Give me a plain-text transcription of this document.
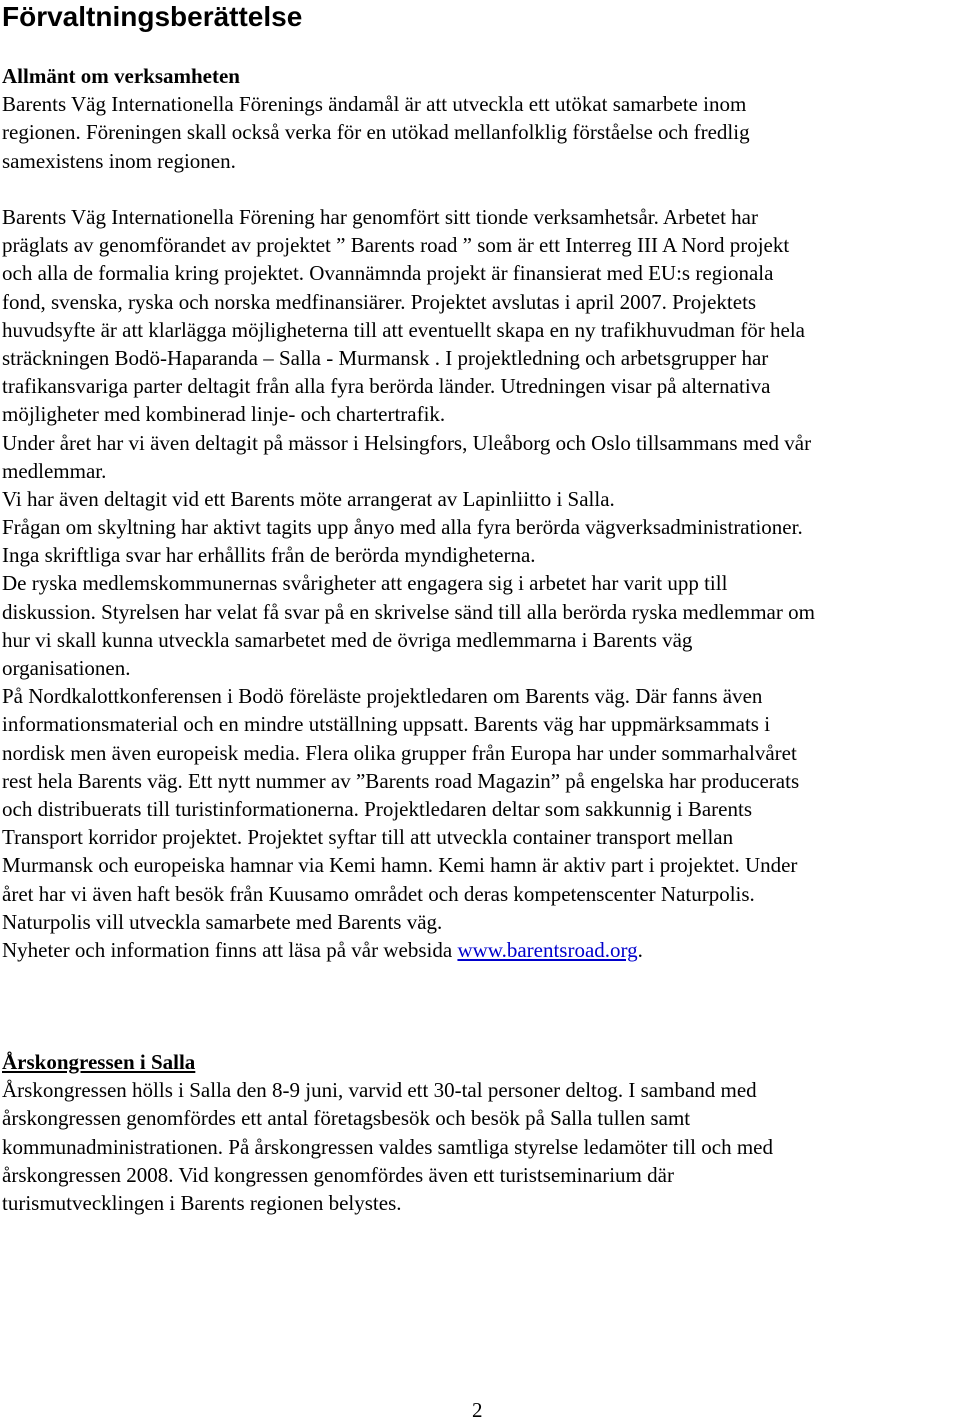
Förvaltningsberättelse
Allmänt om verksamheten
Barents Väg Internationella Förenings ändamål är att utveckla ett utökat samarbete inom
regionen. Föreningen skall också verka för en utökad mellanfolklig förståelse och fredlig
samexistens inom regionen.
Barents Väg Internationella Förening har genomfört sitt tionde verksamhetsår. Arbetet har
präglats av genomförandet av projektet ” Barents road ” som är ett Interreg III A Nord projekt
och alla de formalia kring projektet. Ovannämnda projekt är finansierat med EU:s regionala
fond, svenska, ryska och norska medfinansiärer. Projektet avslutas i april 2007. Projektets
huvudsyfte är att klarlägga möjligheterna till att eventuellt skapa en ny trafikhuvudman för hela
sträckningen Bodö-Haparanda – Salla - Murmansk . I projektledning och arbetsgrupper har
trafikansvariga parter deltagit från alla fyra berörda länder. Utredningen visar på alternativa
möjligheter med kombinerad linje- och chartertrafik.
Under året har vi även deltagit på mässor i Helsingfors, Uleåborg och Oslo tillsammans med vår
medlemmar.
Vi har även deltagit vid ett Barents möte arrangerat av Lapinliitto i Salla.
Frågan om skyltning har aktivt tagits upp ånyo med alla fyra berörda vägverksadministrationer.
Inga skriftliga svar har erhållits från de berörda myndigheterna.
De ryska medlemskommunernas svårigheter att engagera sig i arbetet har varit upp till
diskussion. Styrelsen har velat få svar på en skrivelse sänd till alla berörda ryska medlemmar om
hur vi skall kunna utveckla samarbetet med de övriga medlemmarna i Barents väg
organisationen.
På Nordkalottkonferensen i Bodö föreläste projektledaren om Barents väg. Där fanns även
informationsmaterial och en mindre utställning uppsatt. Barents väg har uppmärksammats i
nordisk men även europeisk media. Flera olika grupper från Europa har under sommarhalvåret
rest hela Barents väg. Ett nytt nummer av ”Barents road Magazin” på engelska har producerats
och distribuerats till turistinformationerna. Projektledaren deltar som sakkunnig i Barents
Transport korridor projektet. Projektet syftar till att utveckla container transport mellan
Murmansk och europeiska hamnar via Kemi hamn. Kemi hamn är aktiv part i projektet. Under
året har vi även haft besök från Kuusamo området och deras kompetenscenter Naturpolis.
Naturpolis vill utveckla samarbete med Barents väg.
Nyheter och information finns att läsa på vår websida www.barentsroad.org.
Årskongressen i Salla
Årskongressen hölls i Salla den 8-9 juni, varvid ett 30-tal personer deltog. I samband med
årskongressen genomfördes ett antal företagsbesök och besök på Salla tullen samt
kommunadministrationen. På årskongressen valdes samtliga styrelse ledamöter till och med
årskongressen 2008. Vid kongressen genomfördes även ett turistseminarium där
turismutvecklingen i Barents regionen belystes.
2
